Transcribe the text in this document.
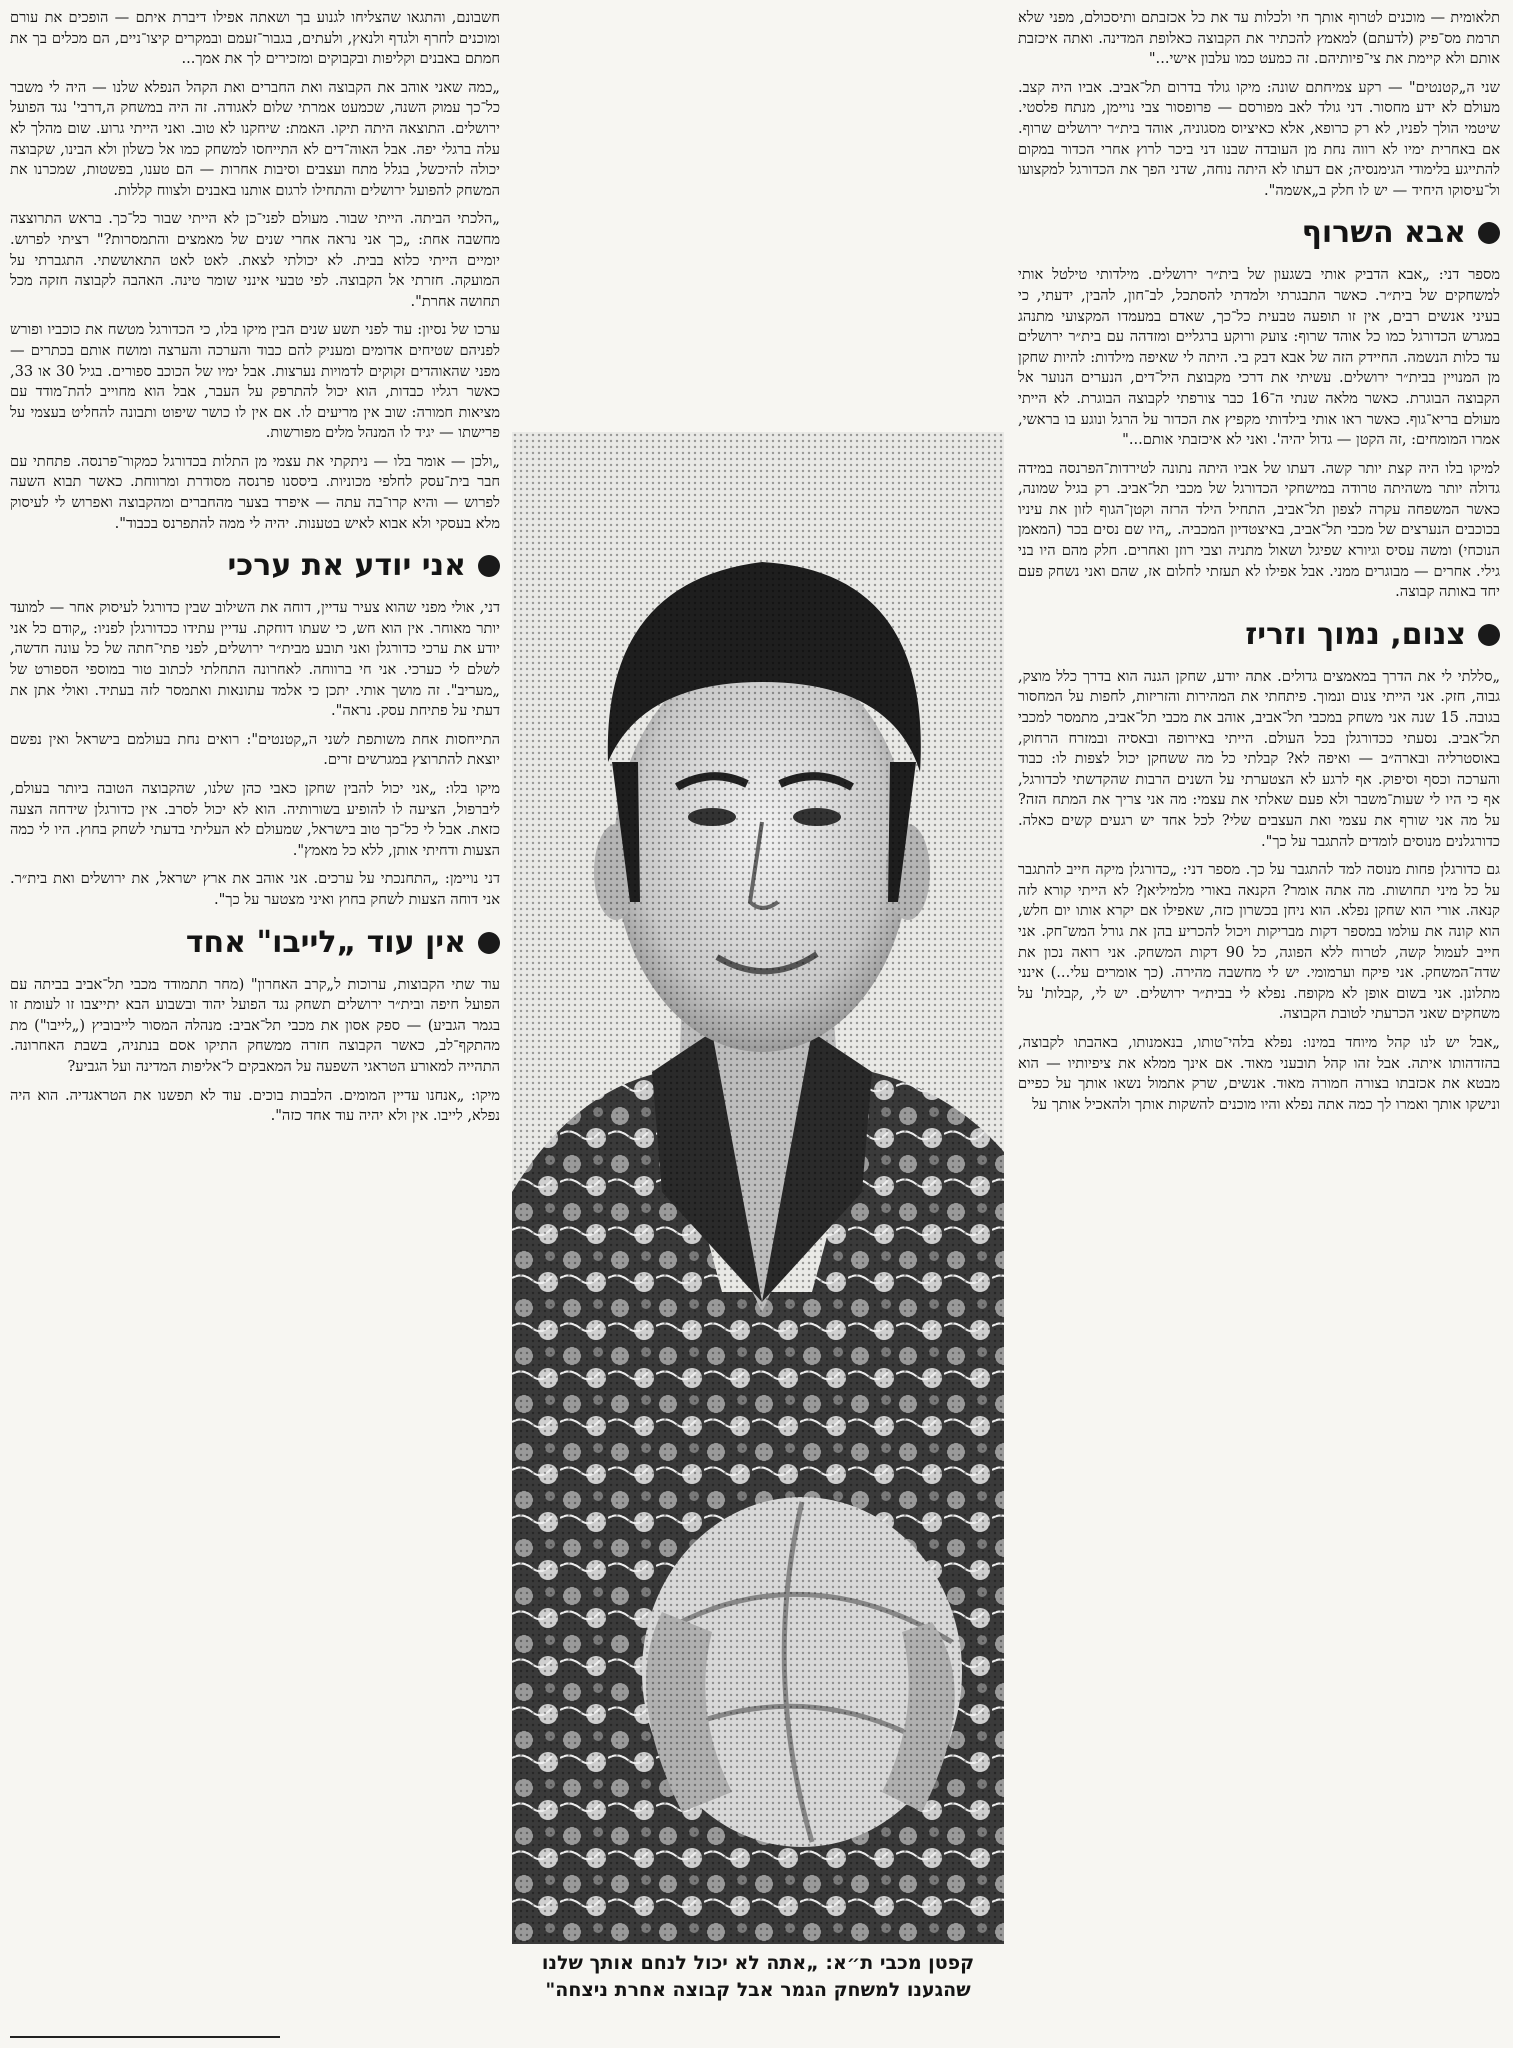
תלאומית — מוכנים לטרוף אותך חי ולכלות עד את כל אכזבתם ותיסכולם, מפני שלא תרמת מס־פיק (לדעתם) למאמץ להכתיר את הקבוצה כאלופת המדינה. ואתה איכזבת אותם ולא קיימת את צי־פיותיהם. זה כמעט כמו עלבון אישי..."

שני ה„קטנטים" — רקע צמיחתם שונה: מיקו גולד בדרום תל־אביב. אביו היה קצב. מעולם לא ידע מחסור. דני גולד לאב מפורסם — פרופסור צבי נויימן, מנתח פלסטי. שיטמי הולך לפניו, לא רק כרופא, אלא כאיציוס מסגוניה, אוהד בית״ר ירושלים שרוף. אם באחרית ימיו לא רווה נחת מן העובדה שבנו דני ביכר לרוץ אחרי הכדור במקום להתייגע בלימודי הגימנסיה; אם דעתו לא היתה נוחה, שדני הפך את הכדורגל למקצועו ול־עיסוקו היחיד — יש לו חלק ב„אשמה".

אבא השרוף

מספר דני: „אבא הדביק אותי בשגעון של בית״ר ירושלים. מילדותי טילטל אותי למשחקים של בית״ר. כאשר התבגרתי ולמדתי להסתכל, לב־חון, להבין, ידעתי, כי בעיני אנשים רבים, אין זו תופעה טבעית כל־כך, שאדם במעמדו המקצועי מתנהג במגרש הכדורגל כמו כל אוהד שרוף: צועק ורוקע ברגליים ומזדהה עם בית״ר ירושלים עד כלות הנשמה. החיידק הזה של אבא דבק בי. היתה לי שאיפה מילדות: להיות שחקן מן המנויין בבית״ר ירושלים. עשיתי את דרכי מקבוצת היל־דים, הנערים הנוער אל הקבוצה הבוגרת. כאשר מלאה שנתי ה־16 כבר צורפתי לקבוצה הבוגרת. לא הייתי מעולם בריא־גוף. כאשר ראו אותי בילדותי מקפיץ את הכדור על הרגל ונוגע בו בראשי, אמרו המומחים: ,זה הקטן — גדול יהיה'. ואני לא איכזבתי אותם..."

למיקו בלו היה קצת יותר קשה. דעתו של אביו היתה נתונה לטירדות־הפרנסה במידה גדולה יותר משהיתה טרודה במישחקי הכדורגל של מכבי תל־אביב. רק בגיל שמונה, כאשר המשפחה עקרה לצפון תל־אביב, התחיל הילד הרזה וקטן־הגוף לזון את עיניו בכוכבים הנערצים של מכבי תל־אביב, באיצטדיון המכביה. „היו שם נסים בכר (המאמן הנוכחי) ומשה עסיס וגיורא שפיגל ושאול מתניה וצבי רוזן ואחרים. חלק מהם היו בני גילי. אחרים — מבוגרים ממני. אבל אפילו לא תעזתי לחלום אז, שהם ואני נשחק פעם יחד באותה קבוצה.

צנום, נמוך וזריז

„סללתי לי את הדרך במאמצים גדולים. אתה יודע, שחקן הגנה הוא בדרך כלל מוצק, גבוה, חזק. אני הייתי צנום ונמוך. פיתחתי את המהירות והזריזות, לחפות על המחסור בגובה. 15 שנה אני משחק במכבי תל־אביב, אוהב את מכבי תל־אביב, מתמסר למכבי תל־אביב. נסעתי ככדורגלן בכל העולם. הייתי באירופה ובאסיה ובמזרח הרחוק, באוסטרליה ובארה״ב — ואיפה לא? קבלתי כל מה ששחקן יכול לצפות לו: כבוד והערכה וכסף וסיפוק. אף לרגע לא הצטערתי על השנים הרבות שהקדשתי לכדורגל, אף כי היו לי שעות־משבר ולא פעם שאלתי את עצמי: מה אני צריך את המתח הזה? על מה אני שורף את עצמי ואת העצבים שלי? לכל אחד יש רגעים קשים כאלה. כדורגלנים מנוסים לומדים להתגבר על כך".

גם כדורגלן פחות מנוסה למד להתגבר על כך. מספר דני: „כדורגלן מיקה חייב להתגבר על כל מיני תחושות. מה אתה אומר? הקנאה באורי מלמיליאן? לא הייתי קורא לזה קנאה. אורי הוא שחקן נפלא. הוא ניחן בכשרון כזה, שאפילו אם יקרא אותו יום חלש, הוא קונה את עולמו במספר דקות מבריקות ויכול להכריע בהן את גורל המש־חק. אני חייב לעמול קשה, לטרוח ללא הפוגה, כל 90 דקות המשחק. אני רואה נכון את שדה־המשחק. אני פיקח וערמומי. יש לי מחשבה מהירה. (כך אומרים עלי...) אינני מתלונן. אני בשום אופן לא מקופח. נפלא לי בבית״ר ירושלים. יש לי, ,קבלות' על משחקים שאני הכרעתי לטובת הקבוצה.

„אבל יש לנו קהל מיוחד במינו: נפלא בלהי־טותו, בנאמנותו, באהבתו לקבוצה, בהזדהותו איתה. אבל זהו קהל תובעני מאוד. אם אינך ממלא את ציפיותיו — הוא מבטא את אכזבתו בצורה חמורה מאוד. אנשים, שרק אתמול נשאו אותך על כפיים ונישקו אותך ואמרו לך כמה אתה נפלא והיו מוכנים להשקות אותך ולהאכיל אותך על

קפטן מכבי ת״א: „אתה לא יכול לנחם אותך שלנו שהגענו למשחק הגמר אבל קבוצה אחרת ניצחה"

חשבונם, והתגאו שהצליחו לגנוע בך ושאתה אפילו דיברת איתם — הופכים את עורם ומוכנים לחרף ולגדף ולנאץ, ולעתים, בגבור־זעמם ובמקרים קיצו־ניים, הם מכלים בך את חמתם באבנים וקליפות ובקבוקים ומזכירים לך את אמך...

„כמה שאני אוהב את הקבוצה ואת החברים ואת הקהל הנפלא שלנו — היה לי משבר כל־כך עמוק השנה, שכמעט אמרתי שלום לאגודה. זה היה במשחק ה,דרבי' נגד הפועל ירושלים. התוצאה היתה תיקו. האמת: שיחקנו לא טוב. ואני הייתי גרוע. שום מהלך לא עלה ברגלי יפה. אבל האוה־דים לא התייחסו למשחק כמו אל כשלון ולא הבינו, שקבוצה יכולה להיכשל, בגלל מתח ועצבים וסיבות אחרות — הם טענו, בפשטות, שמכרנו את המשחק להפועל ירושלים והתחילו לרגום אותנו באבנים ולצווח קללות.

„הלכתי הביתה. הייתי שבור. מעולם לפני־כן לא הייתי שבור כל־כך. בראש התרוצצה מחשבה אחת: „כך אני נראה אחרי שנים של מאמצים והתמסרות?" רציתי לפרוש. יומיים הייתי כלוא בבית. לא יכולתי לצאת. לאט לאט התאוששתי. התגברתי על המועקה. חזרתי אל הקבוצה. לפי טבעי אינני שומר טינה. האהבה לקבוצה חזקה מכל תחושה אחרת".

ערכו של נסיון: עוד לפני תשע שנים הבין מיקו בלו, כי הכדורגל מטשח את כוכביו ופורש לפניהם שטיחים אדומים ומעניק להם כבוד והערכה והערצה ומושח אותם בכתרים — מפני שהאוהדים זקוקים לדמויות נערצות. אבל ימיו של הכוכב ספורים. בגיל 30 או 33, כאשר רגליו כבדות, הוא יכול להתרפק על העבר, אבל הוא מחוייב להת־מודד עם מציאות חמורה: שוב אין מריעים לו. אם אין לו כושר שיפוט ותבונה להחליט בעצמי על פרישתו — יגיד לו המנהל מלים מפורשות.

„ולכן — אומר בלו — ניתקתי את עצמי מן התלות בכדורגל כמקור־פרנסה. פתחתי עם חבר בית־עסק לחלפי מכוניות. ביססנו פרנסה מסודרת ומרווחת. כאשר תבוא השעה לפרוש — והיא קרו־בה עתה — איפרד בצער מהחברים ומהקבוצה ואפרוש לי לעיסוק מלא בעסקי ולא אבוא לאיש בטענות. יהיה לי ממה להתפרנס בכבוד".

אני יודע את ערכי

דני, אולי מפני שהוא צעיר עדיין, דוחה את השילוב שבין כדורגל לעיסוק אחר — למועד יותר מאוחר. אין הוא חש, כי שעתו דוחקת. עדיין עתידו ככדורגלן לפניו: „קודם כל אני יודע את ערכי כדורגלן ואני תובע מבית״ר ירושלים, לפני פתי־חתה של כל עונה חדשה, לשלם לי כערכי. אני חי ברווחה. לאחרונה התחלתי לכתוב טור במוספי הספורט של „מעריב". זה מושך אותי. יתכן כי אלמד עתונאות ואתמסר לזה בעתיד. ואולי אתן את דעתי על פתיחת עסק. נראה".

התייחסות אחת משותפת לשני ה„קטנטים": רואים נחת בעולמם בישראל ואין נפשם יוצאת להתרוצץ במגרשים זרים.

מיקו בלו: „אני יכול להבין שחקן כאבי כהן שלנו, שהקבוצה הטובה ביותר בעולם, ליברפול, הציעה לו להופיע בשורותיה. הוא לא יכול לסרב. אין כדורגלן שידחה הצעה כזאת. אבל לי כל־כך טוב בישראל, שמעולם לא העליתי בדעתי לשחק בחוץ. היו לי כמה הצעות ודחיתי אותן, ללא כל מאמץ".

דני נויימן: „התחנכתי על ערכים. אני אוהב את ארץ ישראל, את ירושלים ואת בית״ר. אני דוחה הצעות לשחק בחוץ ואיני מצטער על כך".

אין עוד „לייבו" אחד

עוד שתי הקבוצות, ערוכות ל„קרב האחרון" (מחר תתמודד מכבי תל־אביב בביתה עם הפועל חיפה ובית״ר ירושלים תשחק נגד הפועל יהוד ובשבוע הבא יתייצבו זו לעומת זו בגמר הגביע) — ספק אסון את מכבי תל־אביב: מנהלה המסור לייבוביץ („לייבו") מת מהתקף־לב, כאשר הקבוצה חזרה ממשחק התיקו אסם בנתניה, בשבת האחרונה. התהייה למאורע הטראגי השפעה על המאבקים ל־אליפות המדינה ועל הגביע?

מיקו: „אנחנו עדיין המומים. הלבבות בוכים. עוד לא תפשנו את הטראגדיה. הוא היה נפלא, לייבו. אין ולא יהיה עוד אחד כזה".
